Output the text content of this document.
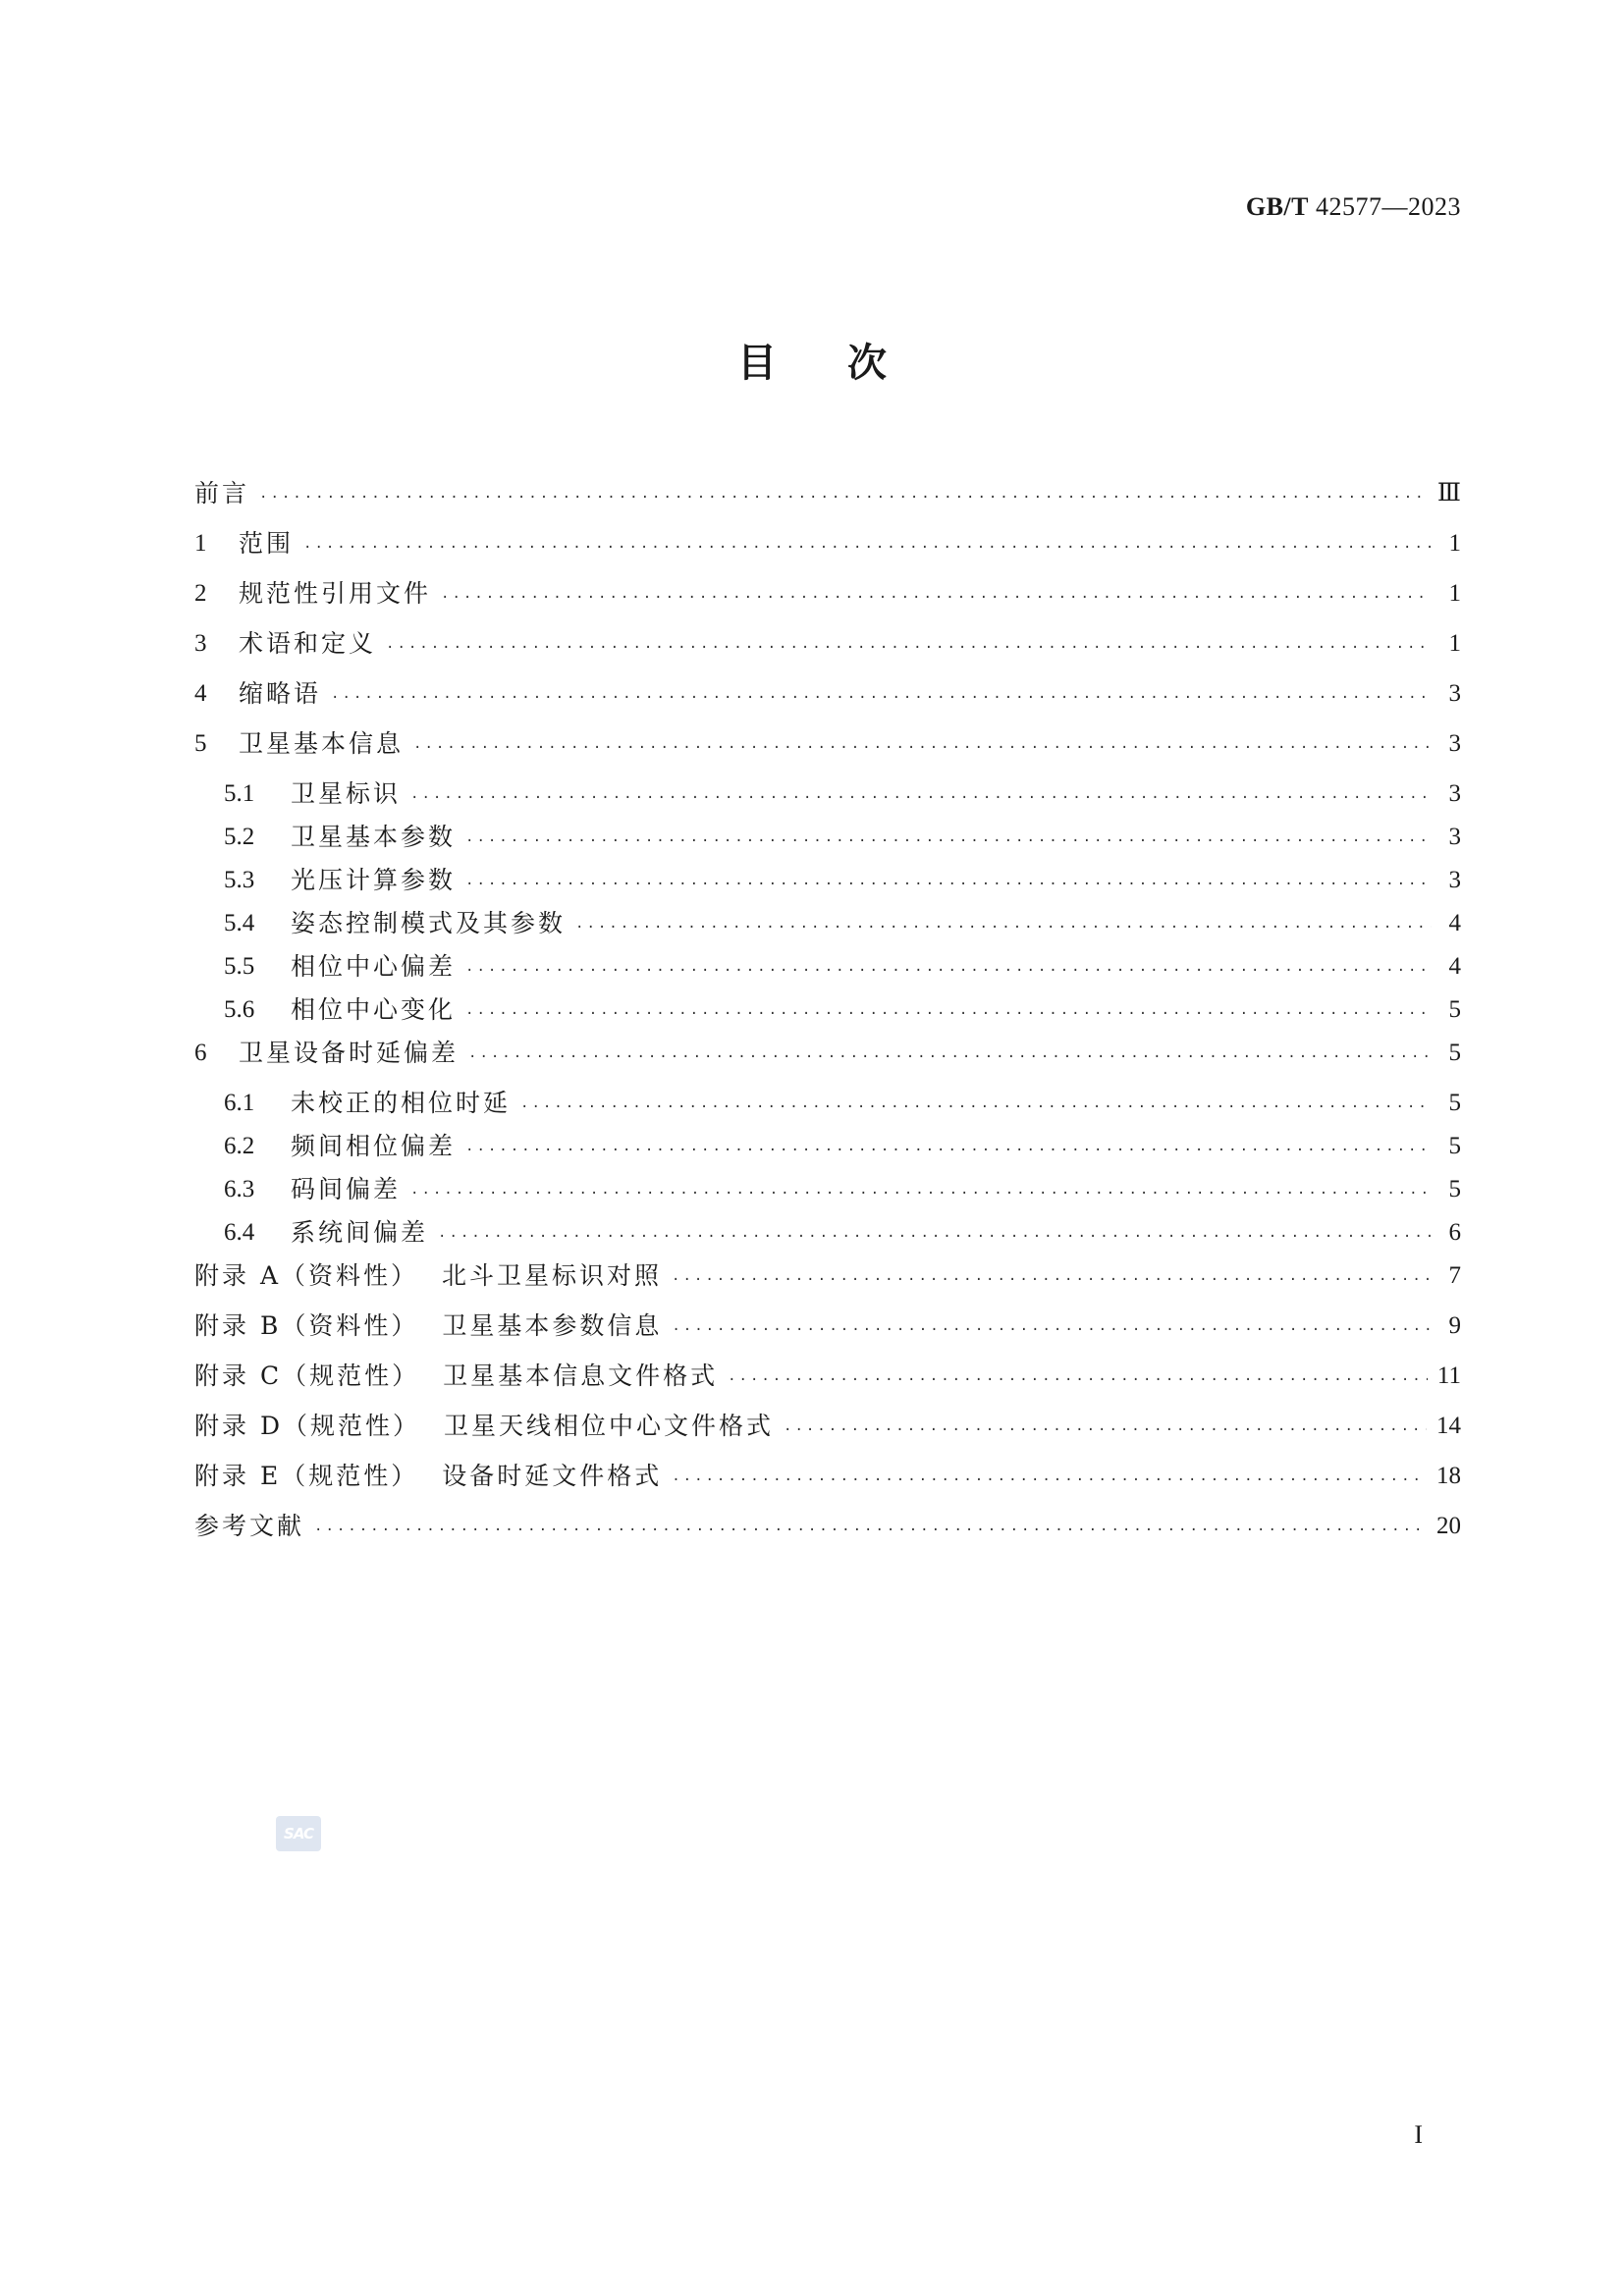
GB/T 42577—2023
目次
前言 ·····	Ⅲ
1	范围 ·····	1
2	规范性引用文件 ·····	1
3	术语和定义 ·····	1
4	缩略语 ·····	3
5	卫星基本信息 ·····	3
5.1	卫星标识 ·····	3
5.2	卫星基本参数 ·····	3
5.3	光压计算参数 ·····	3
5.4	姿态控制模式及其参数 ·····	4
5.5	相位中心偏差 ·····	4
5.6	相位中心变化 ·····	5
6	卫星设备时延偏差 ·····	5
6.1	未校正的相位时延 ·····	5
6.2	频间相位偏差 ·····	5
6.3	码间偏差 ·····	5
6.4	系统间偏差 ·····	6
附录 A（资料性） 北斗卫星标识对照 ·····	7
附录 B（资料性） 卫星基本参数信息 ·····	9
附录 C（规范性） 卫星基本信息文件格式 ·····	11
附录 D（规范性） 卫星天线相位中心文件格式 ·····	14
附录 E（规范性） 设备时延文件格式 ·····	18
参考文献 ·····	20
SAC
I
